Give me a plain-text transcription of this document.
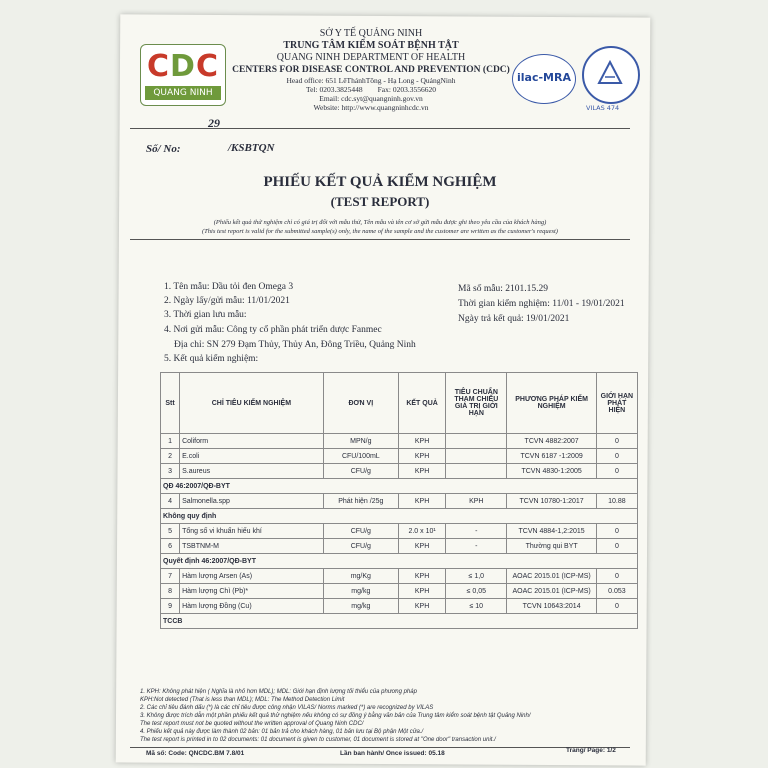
CDC
QUANG NINH
SỞ Y TẾ QUẢNG NINH
TRUNG TÂM KIỂM SOÁT BỆNH TẬT
QUANG NINH DEPARTMENT OF HEALTH
CENTERS FOR DISEASE CONTROL AND PREVENTION (CDC)
Head office: 651 LêThánhTông - Hạ Long - QuảngNinh
Tel: 0203.3825448 Fax: 0203.3556620
Email: cdc.syt@quangninh.gov.vn
Website: http://www.quangninhcdc.vn
ilac-MRA
VILAS 474
29
Số/ No:	/KSBTQN
PHIẾU KẾT QUẢ KIỂM NGHIỆM
(TEST REPORT)
(Phiếu kết quả thử nghiệm chỉ có giá trị đối với mẫu thử, Tên mẫu và tên cơ sở gửi mẫu được ghi theo yêu cầu của khách hàng)
(This test report is valid for the submitted sample(s) only, the name of the sample and the customer are written as the customer's request)
1. Tên mẫu: Dầu tỏi đen Omega 3
2. Ngày lấy/gửi mẫu: 11/01/2021
3. Thời gian lưu mẫu:
4. Nơi gửi mẫu: Công ty cổ phần phát triển dược Fanmec
Địa chỉ: SN 279 Đạm Thủy, Thủy An, Đông Triều, Quảng Ninh
5. Kết quả kiểm nghiệm:
Mã số mẫu: 2101.15.29
Thời gian kiểm nghiệm: 11/01 - 19/01/2021
Ngày trả kết quả: 19/01/2021
Stt	CHỈ TIÊU KIỂM NGHIỆM	ĐƠN VỊ	KẾT QUẢ	TIÊU CHUẨN THAM CHIẾU GIÁ TRỊ GIỚI HẠN	PHƯƠNG PHÁP KIỂM NGHIỆM	GIỚI HẠN PHÁT HIỆN
1	Coliform	MPN/g	KPH		TCVN 4882:2007	0
2	E.coli	CFU/100mL	KPH		TCVN 6187 -1:2009	0
3	S.aureus	CFU/g	KPH		TCVN 4830-1:2005	0
QĐ 46:2007/QĐ-BYT						
4	Salmonella.spp	Phát hiện /25g	KPH	KPH	TCVN 10780-1:2017	10.88
Không quy định						
5	Tổng số vi khuẩn hiếu khí	CFU/g	2.0 x 10¹	-	TCVN 4884-1,2:2015	0
6	TSBTNM-M	CFU/g	KPH	-	Thường qui BYT	0
Quyết định 46:2007/QĐ-BYT						
7	Hàm lượng Arsen (As)	mg/Kg	KPH	≤ 1,0	AOAC 2015.01 (ICP-MS)	0
8	Hàm lượng Chì (Pb)*	mg/kg	KPH	≤ 0,05	AOAC 2015.01 (ICP-MS)	0.053
9	Hàm lượng Đồng (Cu)	mg/kg	KPH	≤ 10	TCVN 10643:2014	0
TCCB						
1. KPH: Không phát hiện ( Nghĩa là nhỏ hơn MDL); MDL: Giới hạn định lượng tối thiểu của phương pháp
KPH:Not detected (That is less than MDL); MDL: The Method Detection Limit
2. Các chỉ tiêu đánh dấu (*) là các chỉ tiêu được công nhận VILAS/ Norms marked (*) are recognized by VILAS
3. Không được trích dẫn một phần phiếu kết quả thử nghiệm nếu không có sự đồng ý bằng văn bản của Trung tâm kiểm soát bệnh tật Quảng Ninh/
The test report must not be quoted without the written approval of Quang Ninh CDC/
4. Phiếu kết quả này được làm thành 02 bản: 01 bản trả cho khách hàng, 01 bản lưu tại Bộ phận Một cửa./
The test report is printed in to 02 documents: 01 document is given to customer, 01 document is stored at "One door" transaction unit./
Mã số: Code: QNCDC.BM 7.8/01	Lần ban hành/ Once issued: 05.18	Trang/ Page: 1/2
